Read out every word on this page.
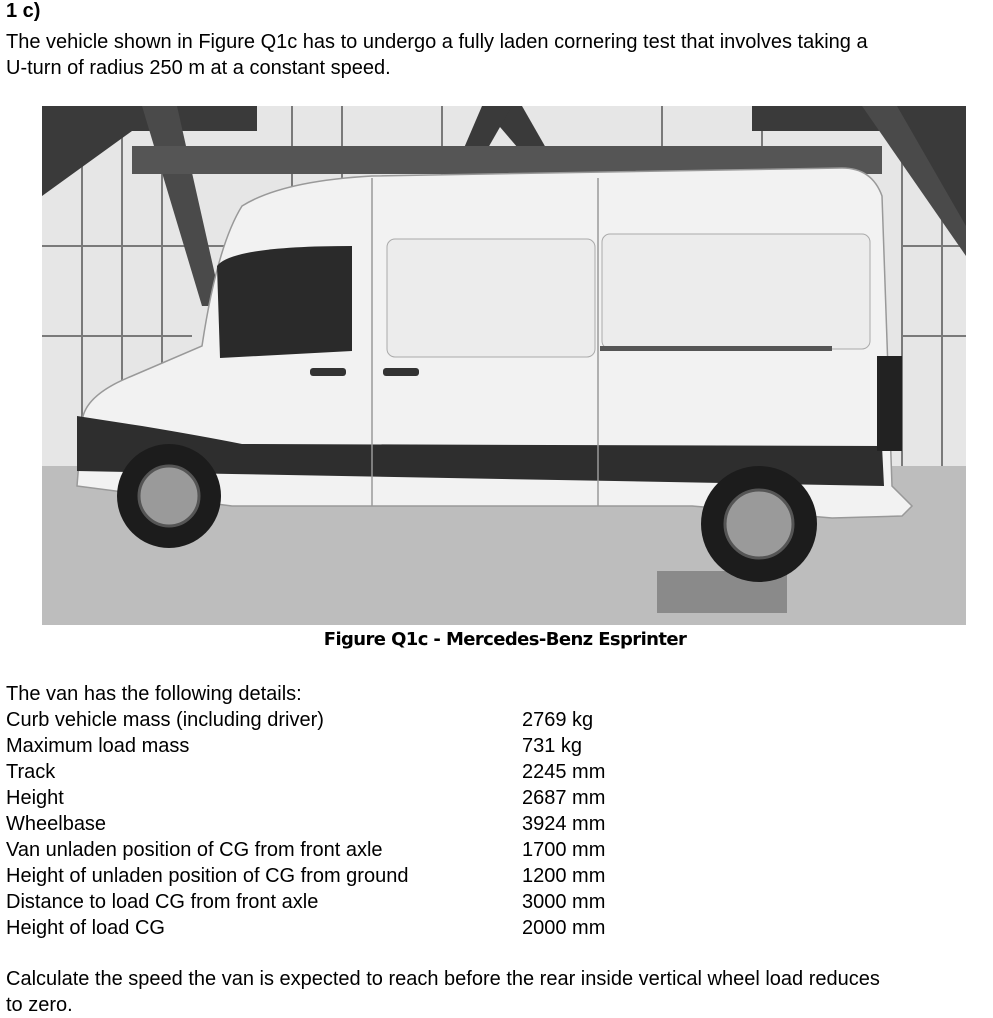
1 c)
The vehicle shown in Figure Q1c has to undergo a fully laden cornering test that involves taking a
U-turn of radius 250 m at a constant speed.
Figure Q1c - Mercedes-Benz Esprinter
The van has the following details:
Curb vehicle mass (including driver)	2769 kg
Maximum load mass	731 kg
Track	2245 mm
Height	2687 mm
Wheelbase	3924 mm
Van unladen position of CG from front axle	1700 mm
Height of unladen position of CG from ground	1200 mm
Distance to load CG from front axle	3000 mm
Height of load CG	2000 mm
Calculate the speed the van is expected to reach before the rear inside vertical wheel load reduces
to zero.
